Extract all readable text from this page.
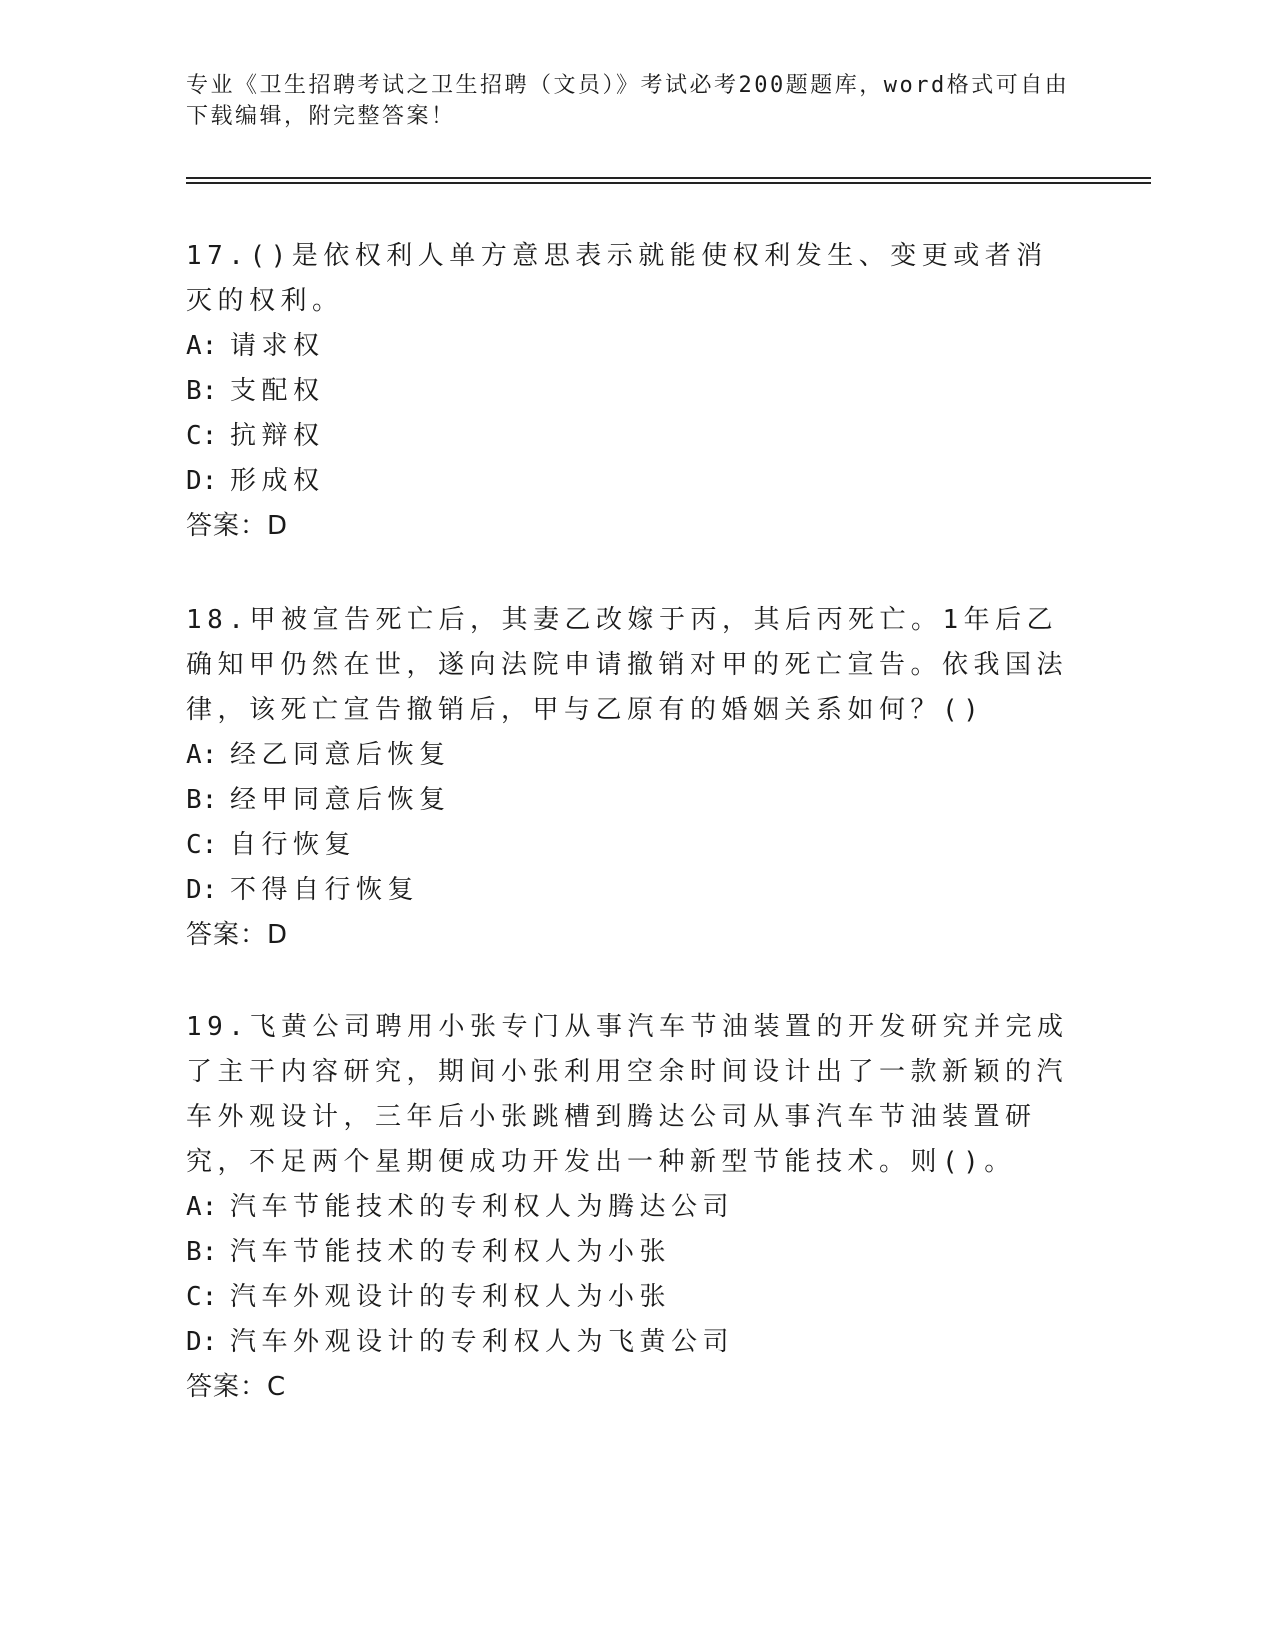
专业《卫生招聘考试之卫生招聘（文员）》考试必考200题题库，word格式可自由下载编辑，附完整答案！

17.()是依权利人单方意思表示就能使权利发生、变更或者消灭的权利。

A: 请求权

B: 支配权

C: 抗辩权

D: 形成权

答案：D

18.甲被宣告死亡后，其妻乙改嫁于丙，其后丙死亡。1年后乙确知甲仍然在世，遂向法院申请撤销对甲的死亡宣告。依我国法律，该死亡宣告撤销后，甲与乙原有的婚姻关系如何？()

A: 经乙同意后恢复

B: 经甲同意后恢复

C: 自行恢复

D: 不得自行恢复

答案：D

19.飞黄公司聘用小张专门从事汽车节油装置的开发研究并完成了主干内容研究，期间小张利用空余时间设计出了一款新颖的汽车外观设计，三年后小张跳槽到腾达公司从事汽车节油装置研究，不足两个星期便成功开发出一种新型节能技术。则()。

A: 汽车节能技术的专利权人为腾达公司

B: 汽车节能技术的专利权人为小张

C: 汽车外观设计的专利权人为小张

D: 汽车外观设计的专利权人为飞黄公司

答案：C
